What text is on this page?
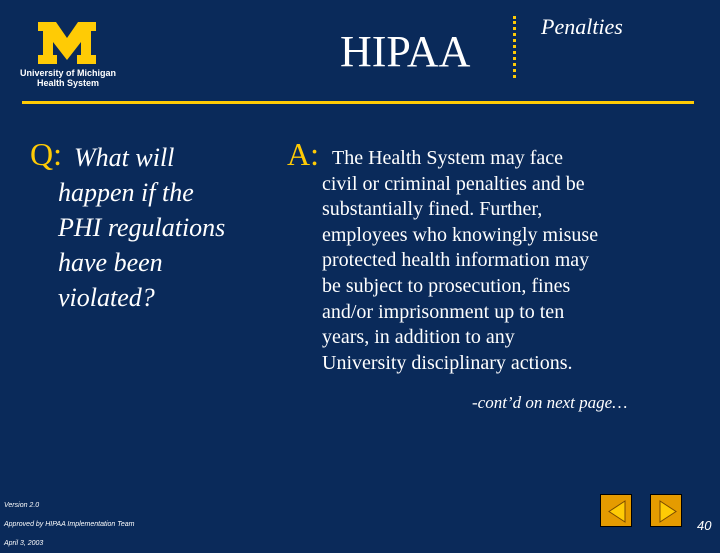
University of Michigan
Health System
HIPAA
Penalties
Q: What will
happen if the
PHI regulations
have been
violated?
A: The Health System may face
civil or criminal penalties and be
substantially fined. Further,
employees who knowingly misuse
protected health information may
be subject to prosecution, fines
and/or imprisonment up to ten
years, in addition to any
University disciplinary actions.
-cont’d on next page…
Version 2.0
Approved by HIPAA Implementation Team
April 3, 2003
40
